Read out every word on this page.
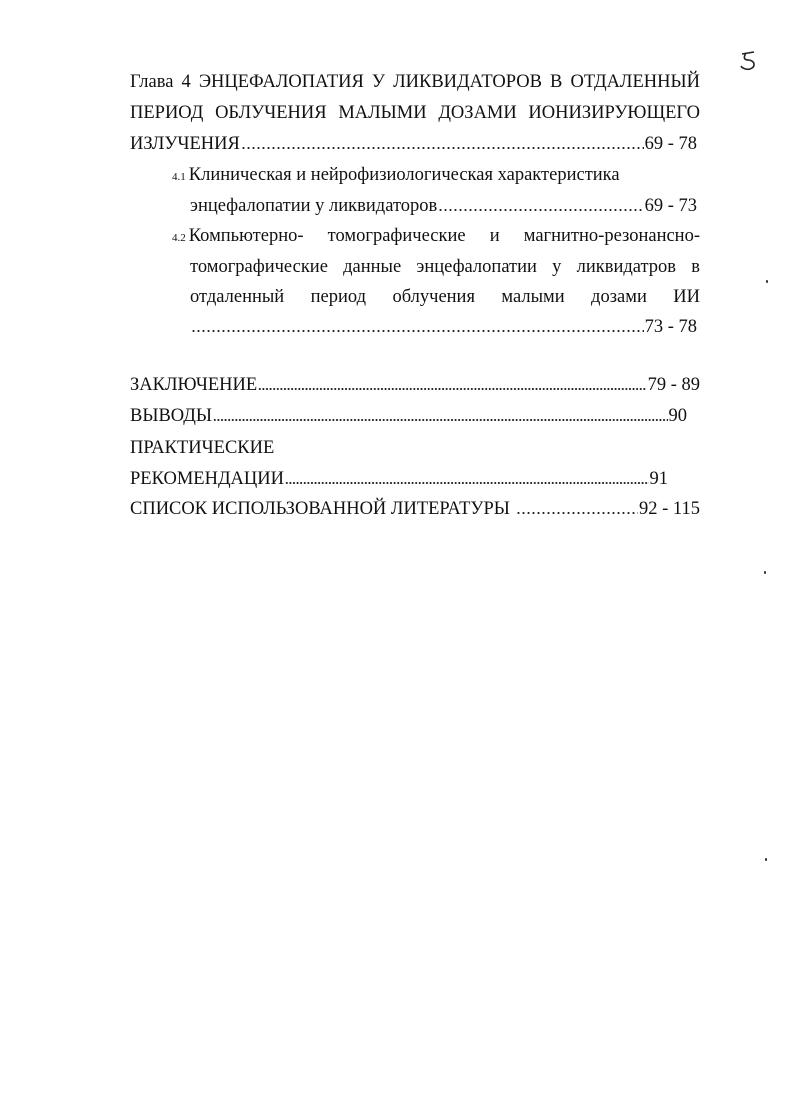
Глава 4 ЭНЦЕФАЛОПАТИЯ У ЛИКВИДАТОРОВ В ОТДАЛЕННЫЙ
ПЕРИОД ОБЛУЧЕНИЯ МАЛЫМИ ДОЗАМИ ИОНИЗИРУЮЩЕГО
ИЗЛУЧЕНИЯ	69 - 78
4.1 Клиническая и нейрофизиологическая характеристика
энцефалопатии у ликвидаторов	69 - 73
4.2 Компьютерно- томографические и магнитно-резонансно-
томографические данные энцефалопатии у ликвидатров в
отдаленный период облучения малыми дозами ИИ
73 - 78
ЗАКЛЮЧЕНИЕ	79 - 89
ВЫВОДЫ	90
ПРАКТИЧЕСКИЕ
РЕКОМЕНДАЦИИ	91
СПИСОК ИСПОЛЬЗОВАННОЙ ЛИТЕРАТУРЫ	92 - 115
